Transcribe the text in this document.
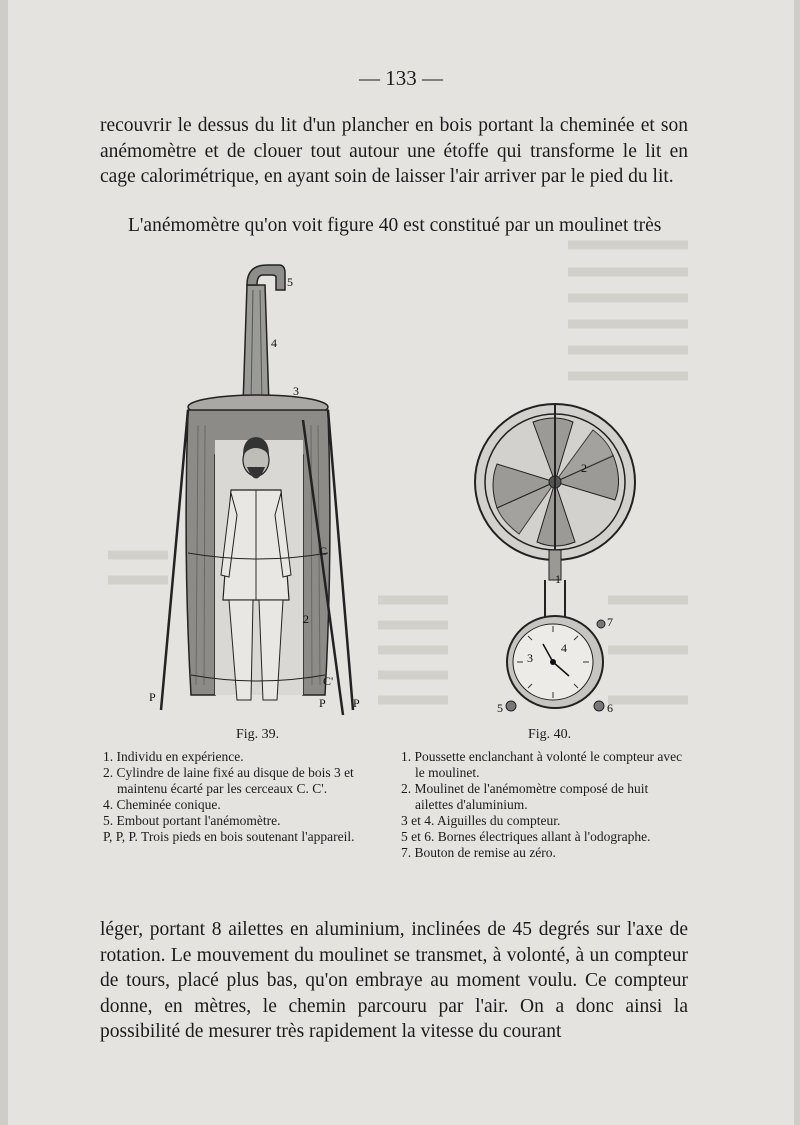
— 133 —

recouvrir le dessus du lit d'un plancher en bois portant la cheminée et son anémomètre et de clouer tout autour une étoffe qui transforme le lit en cage calorimétrique, en ayant soin de laisser l'air arriver par le pied du lit.

L'anémomètre qu'on voit figure 40 est constitué par un moulinet très

5
4
3
C
2
C'
P	P P
1
2
3
4
5	6
7
Fig. 39.	Fig. 40.
1. Individu en expérience.
2. Cylindre de laine fixé au disque de bois 3 et maintenu écarté par les cerceaux C. C'.
4. Cheminée conique.
5. Embout portant l'anémomètre.
P, P, P. Trois pieds en bois soutenant l'appareil.
1. Poussette enclanchant à volonté le compteur avec le moulinet.
2. Moulinet de l'anémomètre composé de huit ailettes d'aluminium.
3 et 4. Aiguilles du compteur.
5 et 6. Bornes électriques allant à l'odographe.
7. Bouton de remise au zéro.

léger, portant 8 ailettes en aluminium, inclinées de 45 degrés sur l'axe de rotation. Le mouvement du moulinet se transmet, à volonté, à un compteur de tours, placé plus bas, qu'on embraye au moment voulu. Ce compteur donne, en mètres, le chemin parcouru par l'air. On a donc ainsi la possibilité de mesurer très rapidement la vitesse du courant
